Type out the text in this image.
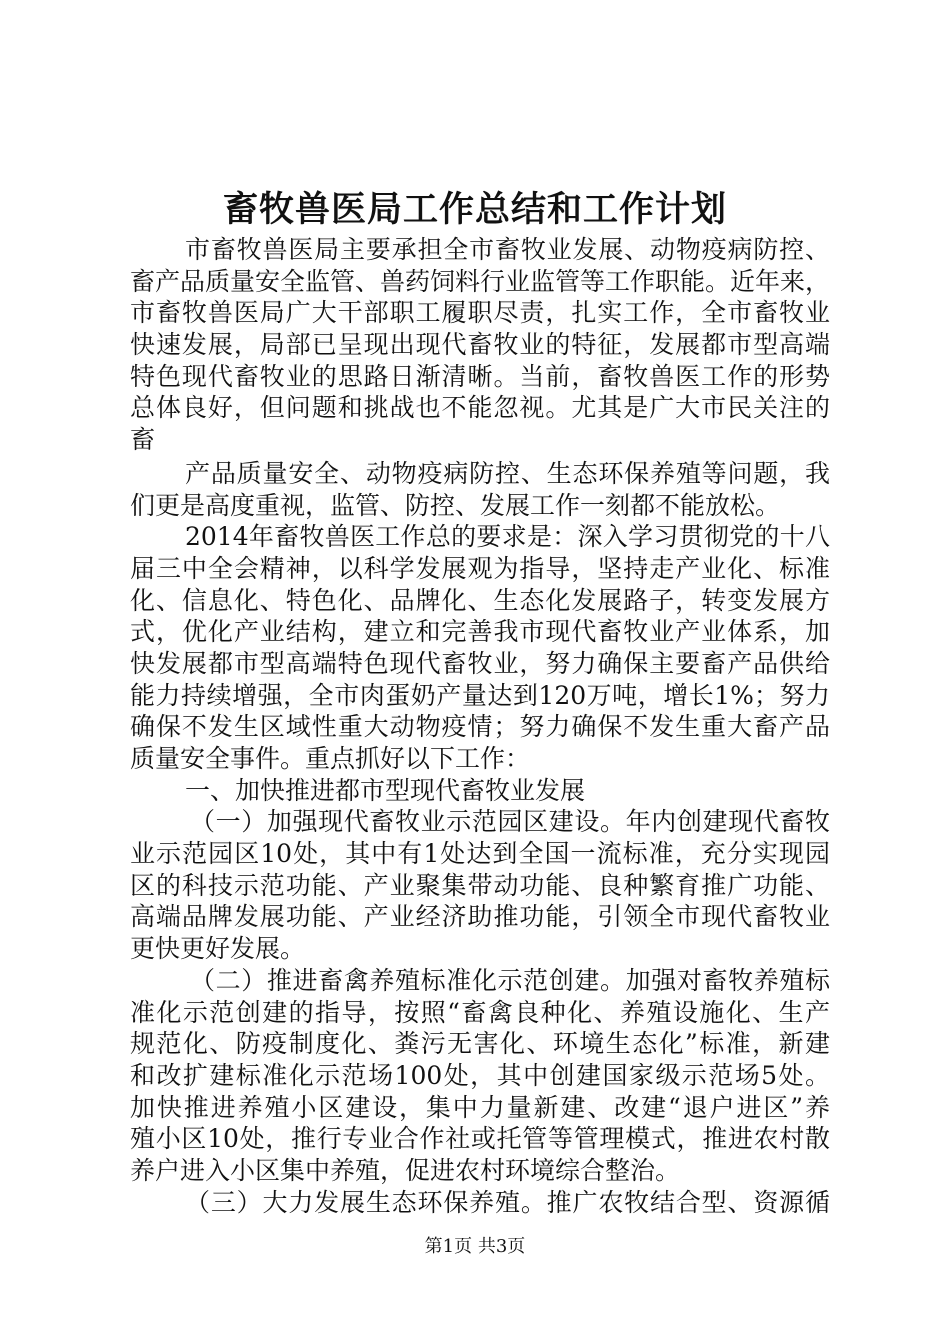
畜牧兽医局工作总结和工作计划
市畜牧兽医局主要承担全市畜牧业发展、动物疫病防控、
畜产品质量安全监管、兽药饲料行业监管等工作职能。近年来，
市畜牧兽医局广大干部职工履职尽责，扎实工作，全市畜牧业
快速发展，局部已呈现出现代畜牧业的特征，发展都市型高端
特色现代畜牧业的思路日渐清晰。当前，畜牧兽医工作的形势
总体良好，但问题和挑战也不能忽视。尤其是广大市民关注的
畜
产品质量安全、动物疫病防控、生态环保养殖等问题，我
们更是高度重视，监管、防控、发展工作一刻都不能放松。
2014年畜牧兽医工作总的要求是：深入学习贯彻党的十八
届三中全会精神，以科学发展观为指导，坚持走产业化、标准
化、信息化、特色化、品牌化、生态化发展路子，转变发展方
式，优化产业结构，建立和完善我市现代畜牧业产业体系，加
快发展都市型高端特色现代畜牧业，努力确保主要畜产品供给
能力持续增强，全市肉蛋奶产量达到120万吨，增长1%；努力
确保不发生区域性重大动物疫情；努力确保不发生重大畜产品
质量安全事件。重点抓好以下工作：
一、加快推进都市型现代畜牧业发展
（一）加强现代畜牧业示范园区建设。年内创建现代畜牧
业示范园区10处，其中有1处达到全国一流标准，充分实现园
区的科技示范功能、产业聚集带动功能、良种繁育推广功能、
高端品牌发展功能、产业经济助推功能，引领全市现代畜牧业
更快更好发展。
（二）推进畜禽养殖标准化示范创建。加强对畜牧养殖标
准化示范创建的指导，按照“畜禽良种化、养殖设施化、生产
规范化、防疫制度化、粪污无害化、环境生态化”标准，新建
和改扩建标准化示范场100处，其中创建国家级示范场5处。
加快推进养殖小区建设，集中力量新建、改建“退户进区”养
殖小区10处，推行专业合作社或托管等管理模式，推进农村散
养户进入小区集中养殖，促进农村环境综合整治。
（三）大力发展生态环保养殖。推广农牧结合型、资源循
第1页 共3页
